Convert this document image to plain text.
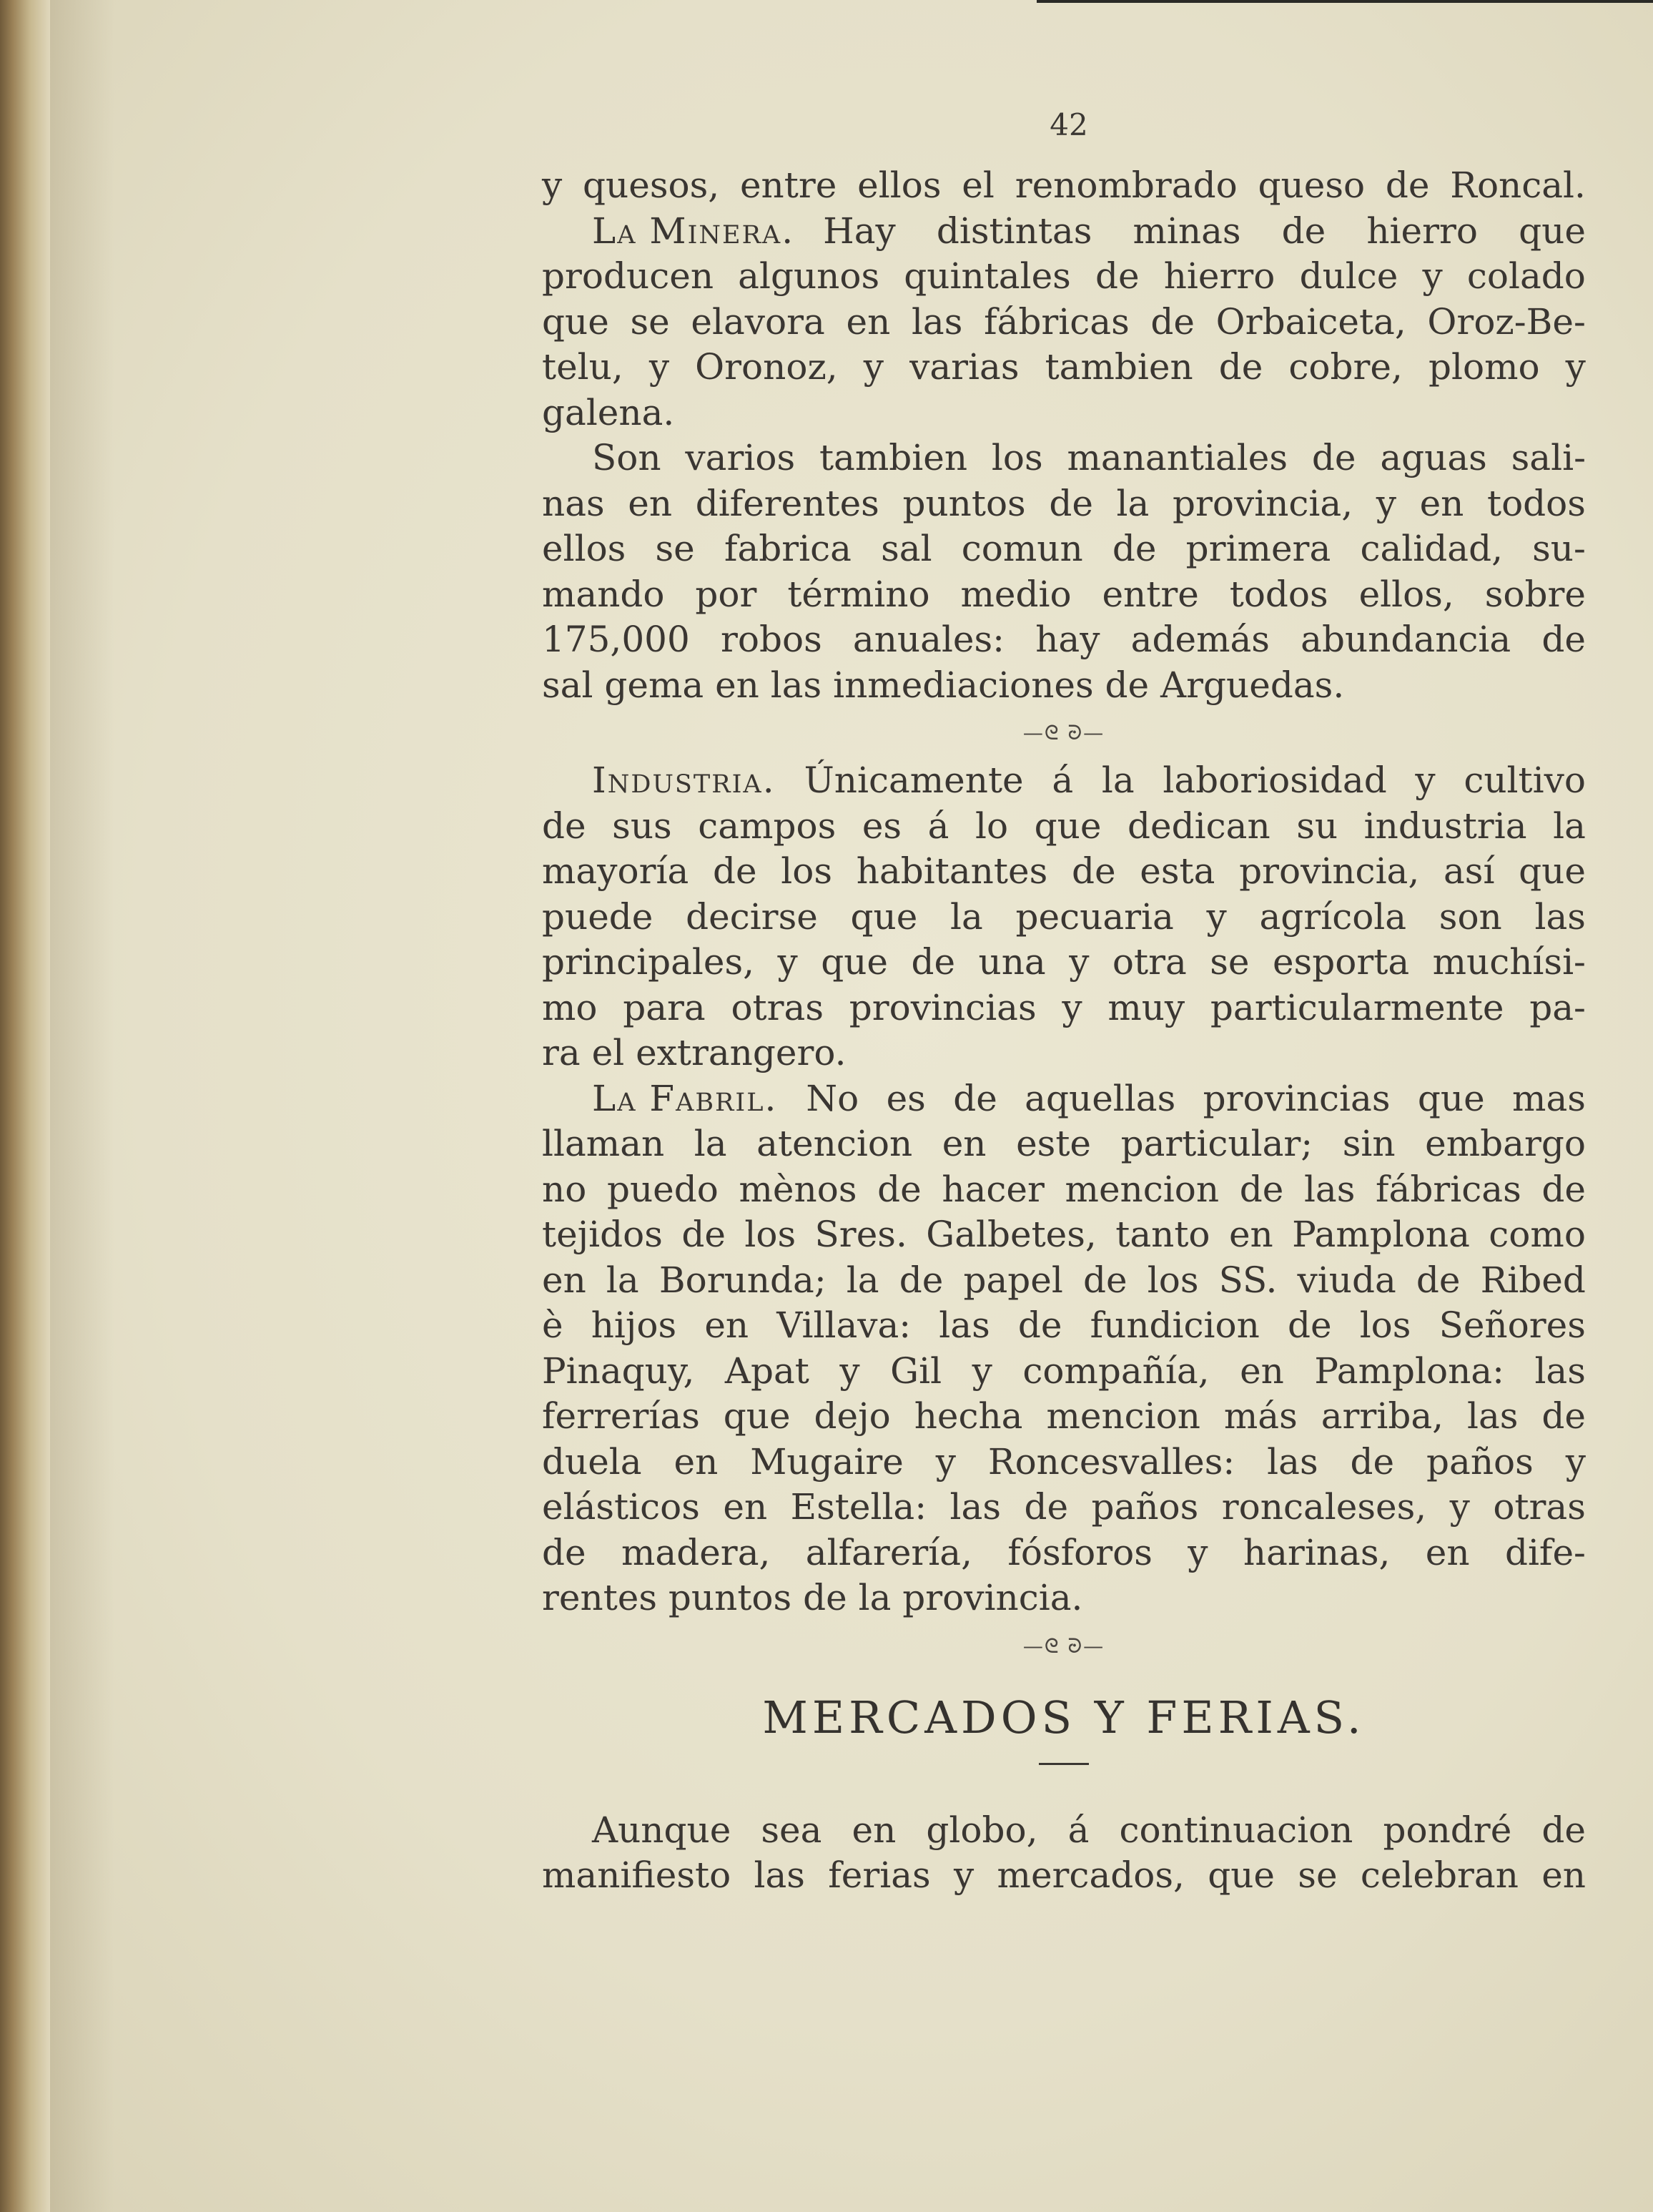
42
y quesos, entre ellos el renombrado queso de Roncal.
La Minera. Hay distintas minas de hierro que
producen algunos quintales de hierro dulce y colado
que se elavora en las fábricas de Orbaiceta, Oroz-Be-
telu, y Oronoz, y varias tambien de cobre, plomo y
galena.
Son varios tambien los manantiales de aguas sali-
nas en diferentes puntos de la provincia, y en todos
ellos se fabrica sal comun de primera calidad, su-
mando por término medio entre todos ellos, sobre
175,000 robos anuales: hay además abundancia de
sal gema en las inmediaciones de Arguedas.
—ᘓ ᘒ—
Industria. Únicamente á la laboriosidad y cultivo
de sus campos es á lo que dedican su industria la
mayoría de los habitantes de esta provincia, así que
puede decirse que la pecuaria y agrícola son las
principales, y que de una y otra se esporta muchísi-
mo para otras provincias y muy particularmente pa-
ra el extrangero.
La Fabril. No es de aquellas provincias que mas
llaman la atencion en este particular; sin embargo
no puedo mènos de hacer mencion de las fábricas de
tejidos de los Sres. Galbetes, tanto en Pamplona como
en la Borunda; la de papel de los SS. viuda de Ribed
è hijos en Villava: las de fundicion de los Señores
Pinaquy, Apat y Gil y compañía, en Pamplona: las
ferrerías que dejo hecha mencion más arriba, las de
duela en Mugaire y Roncesvalles: las de paños y
elásticos en Estella: las de paños roncaleses, y otras
de madera, alfarería, fósforos y harinas, en dife-
rentes puntos de la provincia.
—ᘓ ᘒ—
MERCADOS Y FERIAS.
Aunque sea en globo, á continuacion pondré de
manifiesto las ferias y mercados, que se celebran en
